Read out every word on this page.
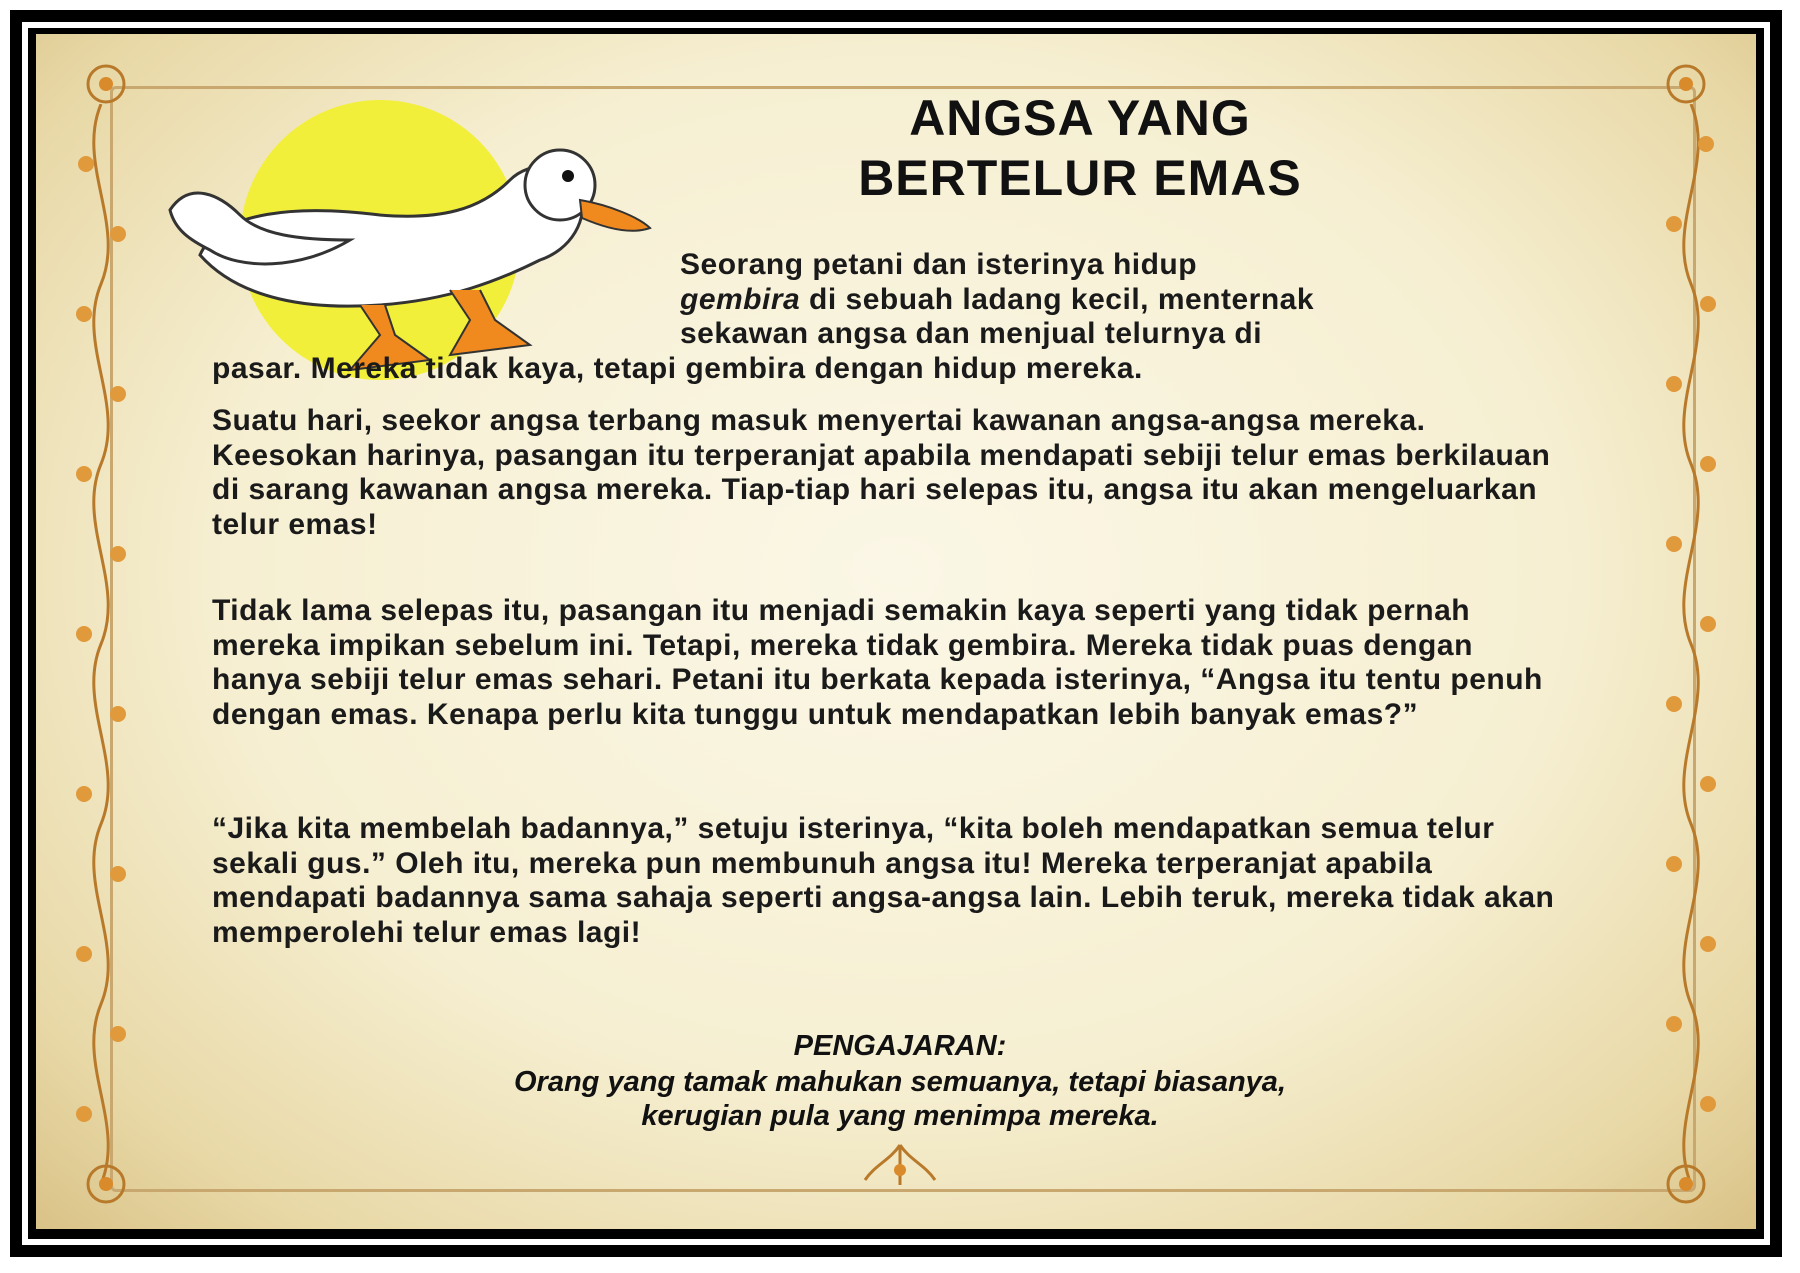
ANGSA YANG
BERTELUR EMAS
Seorang petani dan isterinya hidup
gembira di sebuah ladang kecil, menternak
sekawan angsa dan menjual telurnya di
pasar. Mereka tidak kaya, tetapi gembira dengan hidup mereka.
Suatu hari, seekor angsa terbang masuk menyertai kawanan angsa-angsa mereka. Keesokan harinya, pasangan itu terperanjat apabila mendapati sebiji telur emas berkilauan di sarang kawanan angsa mereka. Tiap-tiap hari selepas itu, angsa itu akan mengeluarkan telur emas!
Tidak lama selepas itu, pasangan itu menjadi semakin kaya seperti yang tidak pernah mereka impikan sebelum ini. Tetapi, mereka tidak gembira. Mereka tidak puas dengan hanya sebiji telur emas sehari. Petani itu berkata kepada isterinya, “Angsa itu tentu penuh dengan emas. Kenapa perlu kita tunggu untuk mendapatkan lebih banyak emas?”
“Jika kita membelah badannya,” setuju isterinya, “kita boleh mendapatkan semua telur sekali gus.” Oleh itu, mereka pun membunuh angsa itu! Mereka terperanjat apabila mendapati badannya sama sahaja seperti angsa-angsa lain. Lebih teruk, mereka tidak akan memperolehi telur emas lagi!
PENGAJARAN:
Orang yang tamak mahukan semuanya, tetapi biasanya,
kerugian pula yang menimpa mereka.
